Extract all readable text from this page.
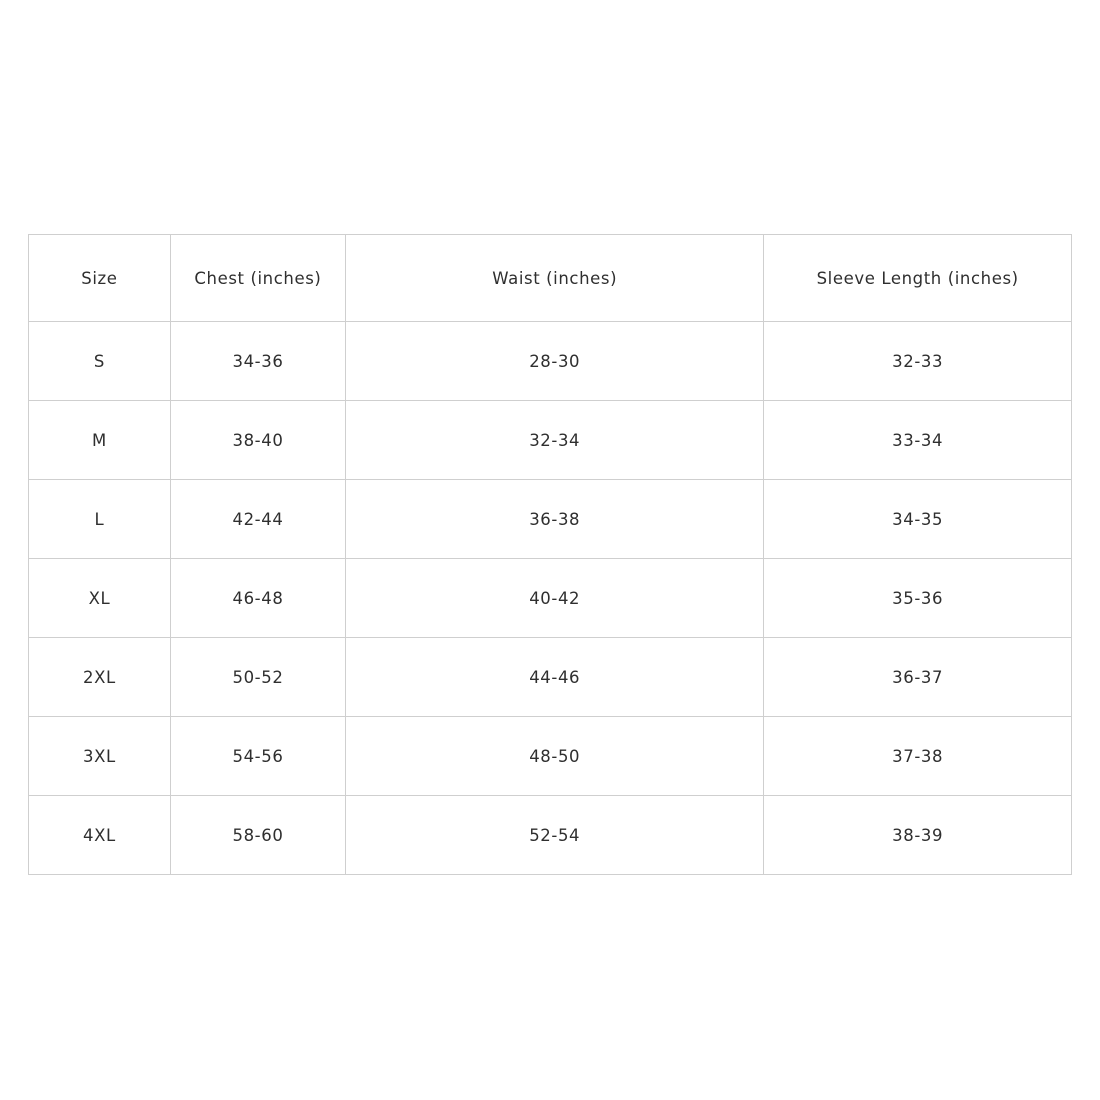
Size	Chest (inches)	Waist (inches)	Sleeve Length (inches)
S	34-36	28-30	32-33
M	38-40	32-34	33-34
L	42-44	36-38	34-35
XL	46-48	40-42	35-36
2XL	50-52	44-46	36-37
3XL	54-56	48-50	37-38
4XL	58-60	52-54	38-39
